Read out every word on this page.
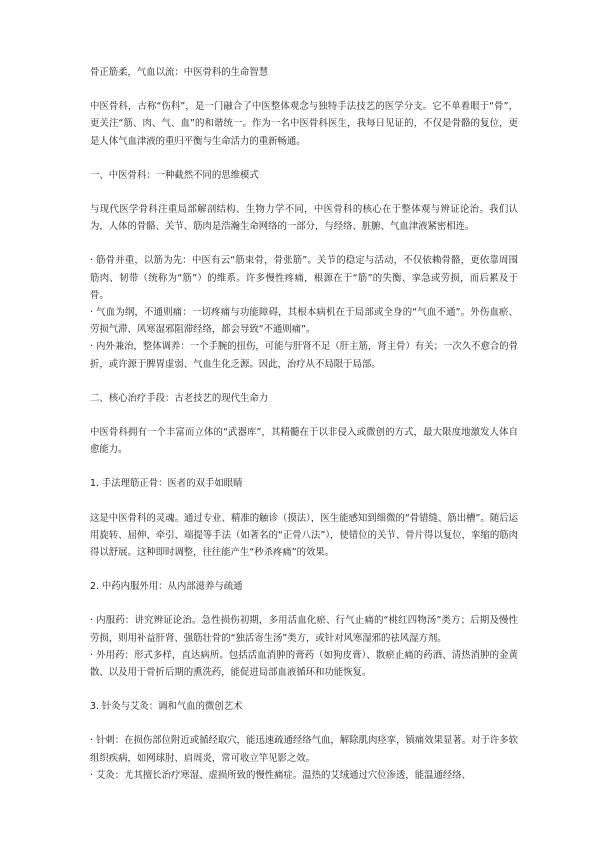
骨正筋柔，气血以流：中医骨科的生命智慧

中医骨科，古称“伤科”，是一门融合了中医整体观念与独特手法技艺的医学分支。它不单着眼于“骨”，更关注“筋、肉、气、血”的和谐统一。作为一名中医骨科医生，我每日见证的，不仅是骨骼的复位，更是人体气血津液的重归平衡与生命活力的重新畅通。

一、中医骨科：一种截然不同的思维模式

与现代医学骨科注重局部解剖结构、生物力学不同，中医骨科的核心在于整体观与辨证论治。我们认为，人体的骨骼、关节、筋肉是浩瀚生命网络的一部分，与经络、脏腑、气血津液紧密相连。

· 筋骨并重，以筋为先：中医有云“筋束骨，骨张筋”。关节的稳定与活动，不仅依赖骨骼，更依靠周围筋肉、韧带（统称为“筋”）的维系。许多慢性疼痛，根源在于“筋”的失衡、挛急或劳损，而后累及于骨。

· 气血为纲，不通则痛：一切疼痛与功能障碍，其根本病机在于局部或全身的“气血不通”。外伤血瘀、劳损气滞、风寒湿邪阻滞经络，都会导致“不通则痛”。

· 内外兼治，整体调养：一个手腕的扭伤，可能与肝肾不足（肝主筋，肾主骨）有关；一次久不愈合的骨折，或许源于脾胃虚弱、气血生化乏源。因此，治疗从不局限于局部。

二、核心治疗手段：古老技艺的现代生命力

中医骨科拥有一个丰富而立体的“武器库”，其精髓在于以非侵入或微创的方式，最大限度地激发人体自愈能力。

1. 手法理筋正骨：医者的双手如眼睛

这是中医骨科的灵魂。通过专业、精准的触诊（摸法），医生能感知到细微的“骨错缝、筋出槽”。随后运用旋转、屈伸、牵引、端提等手法（如著名的“正骨八法”），使错位的关节、骨片得以复位，挛缩的筋肉得以舒展。这种即时调整，往往能产生“秒杀疼痛”的效果。

2. 中药内服外用：从内部滋养与疏通

· 内服药：讲究辨证论治。急性损伤初期，多用活血化瘀、行气止痛的“桃红四物汤”类方；后期及慢性劳损，则用补益肝肾、强筋壮骨的“独活寄生汤”类方，或针对风寒湿邪的祛风湿方剂。

· 外用药：形式多样，直达病所。包括活血消肿的膏药（如狗皮膏）、散瘀止痛的药酒、清热消肿的金黄散、以及用于骨折后期的熏洗药，能促进局部血液循环和功能恢复。

3. 针灸与艾灸：调和气血的微创艺术

· 针刺：在损伤部位附近或循经取穴，能迅速疏通经络气血，解除肌肉痉挛，镇痛效果显著。对于许多软组织疾病，如网球肘、肩周炎，常可收立竿见影之效。

· 艾灸：尤其擅长治疗寒湿、虚损所致的慢性痛症。温热的艾绒通过穴位渗透，能温通经络、
